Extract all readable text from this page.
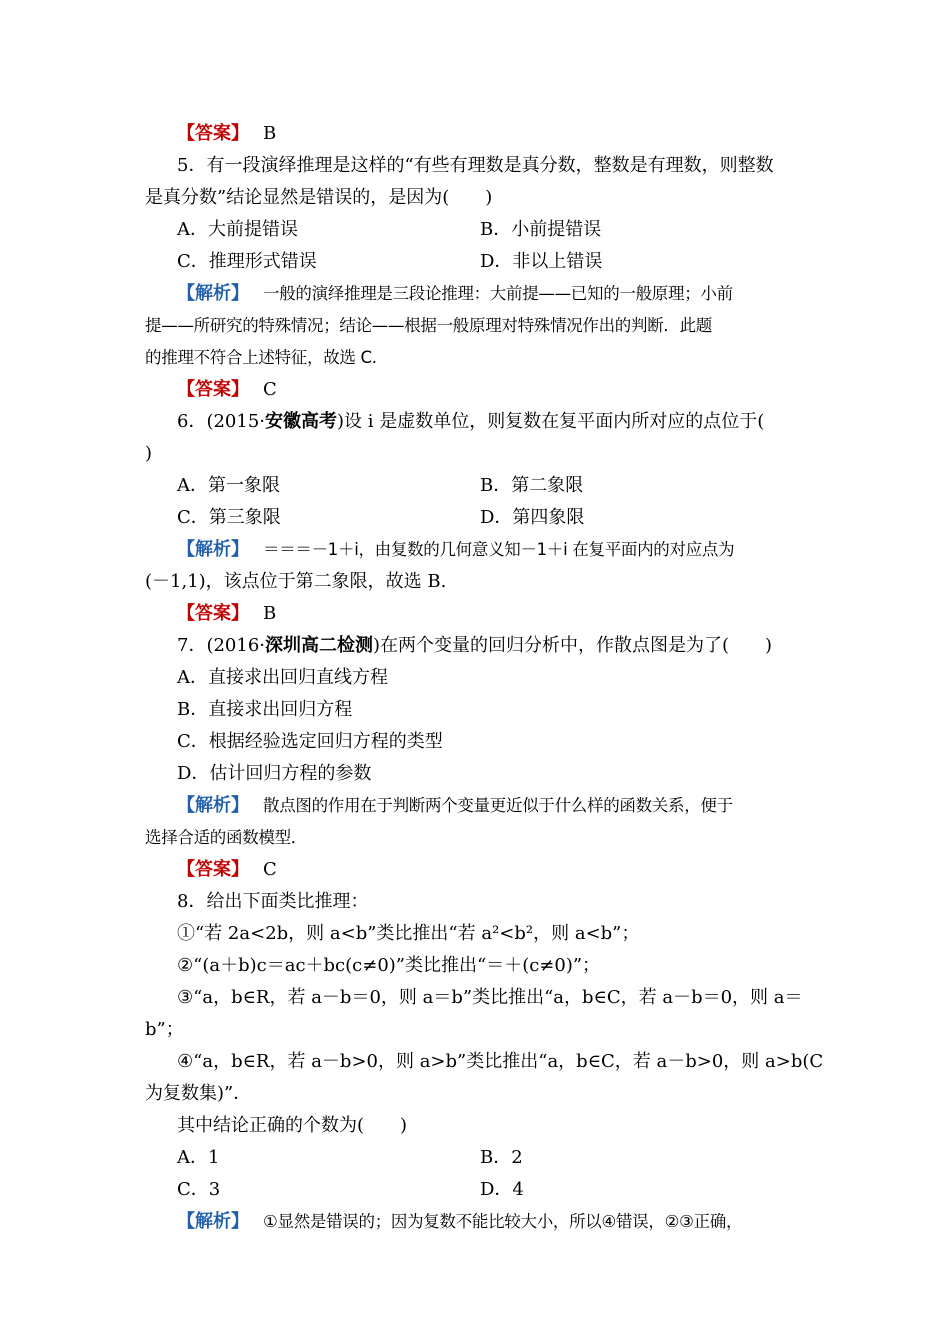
【答案】 B
5．有一段演绎推理是这样的“有些有理数是真分数，整数是有理数，则整数
是真分数”结论显然是错误的，是因为(　　)
A．大前提错误	B．小前提错误
C．推理形式错误	D．非以上错误
【解析】 一般的演绎推理是三段论推理：大前提——已知的一般原理；小前
提——所研究的特殊情况；结论——根据一般原理对特殊情况作出的判断．此题
的推理不符合上述特征，故选 C.
【答案】 C
6．(2015·安徽高考)设 i 是虚数单位，则复数在复平面内所对应的点位于(
)
A．第一象限	B．第二象限
C．第三象限	D．第四象限
【解析】 ＝＝＝－1＋i，由复数的几何意义知－1＋i 在复平面内的对应点为
(－1,1)，该点位于第二象限，故选 B.
【答案】 B
7．(2016·深圳高二检测)在两个变量的回归分析中，作散点图是为了(　　)
A．直接求出回归直线方程
B．直接求出回归方程
C．根据经验选定回归方程的类型
D．估计回归方程的参数
【解析】 散点图的作用在于判断两个变量更近似于什么样的函数关系，便于
选择合适的函数模型．
【答案】 C
8．给出下面类比推理：
①“若 2a<2b，则 a<b”类比推出“若 a²<b²，则 a<b”；
②“(a＋b)c＝ac＋bc(c≠0)”类比推出“＝＋(c≠0)”；
③“a，b∈R，若 a－b＝0，则 a＝b”类比推出“a，b∈C，若 a－b＝0，则 a＝
b”；
④“a，b∈R，若 a－b>0，则 a>b”类比推出“a，b∈C，若 a－b>0，则 a>b(C
为复数集)”．
其中结论正确的个数为(　　)
A．1	B．2
C．3	D．4
【解析】 ①显然是错误的；因为复数不能比较大小，所以④错误，②③正确，
